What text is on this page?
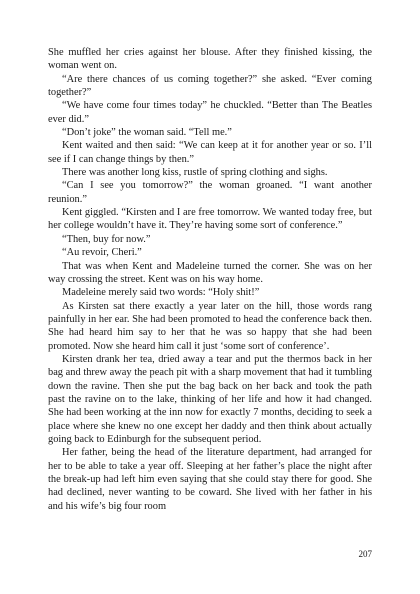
She muffled her cries against her blouse. After they finished kissing, the woman went on.

“Are there chances of us coming together?” she asked. “Ever coming together?”

“We have come four times today” he chuckled. “Better than The Beatles ever did.”

“Don’t joke” the woman said. “Tell me.”

Kent waited and then said: “We can keep at it for another year or so. I’ll see if I can change things by then.”

There was another long kiss, rustle of spring clothing and sighs.

“Can I see you tomorrow?” the woman groaned. “I want another reunion.”

Kent giggled. “Kirsten and I are free tomorrow. We wanted today free, but her college wouldn’t have it. They’re having some sort of conference.”

“Then, buy for now.”

“Au revoir, Cheri.”

That was when Kent and Madeleine turned the corner. She was on her way crossing the street. Kent was on his way home.

Madeleine merely said two words: “Holy shit!”

As Kirsten sat there exactly a year later on the hill, those words rang painfully in her ear. She had been promoted to head the conference back then. She had heard him say to her that he was so happy that she had been promoted. Now she heard him call it just ‘some sort of conference’.

Kirsten drank her tea, dried away a tear and put the thermos back in her bag and threw away the peach pit with a sharp movement that had it tumbling down the ravine. Then she put the bag back on her back and took the path past the ravine on to the lake, thinking of her life and how it had changed. She had been working at the inn now for exactly 7 months, deciding to seek a place where she knew no one except her daddy and then think about actually going back to Edinburgh for the subsequent period.

Her father, being the head of the literature department, had arranged for her to be able to take a year off. Sleeping at her father’s place the night after the break-up had left him even saying that she could stay there for good. She had declined, never wanting to be coward. She lived with her father in his and his wife’s big four room

207
